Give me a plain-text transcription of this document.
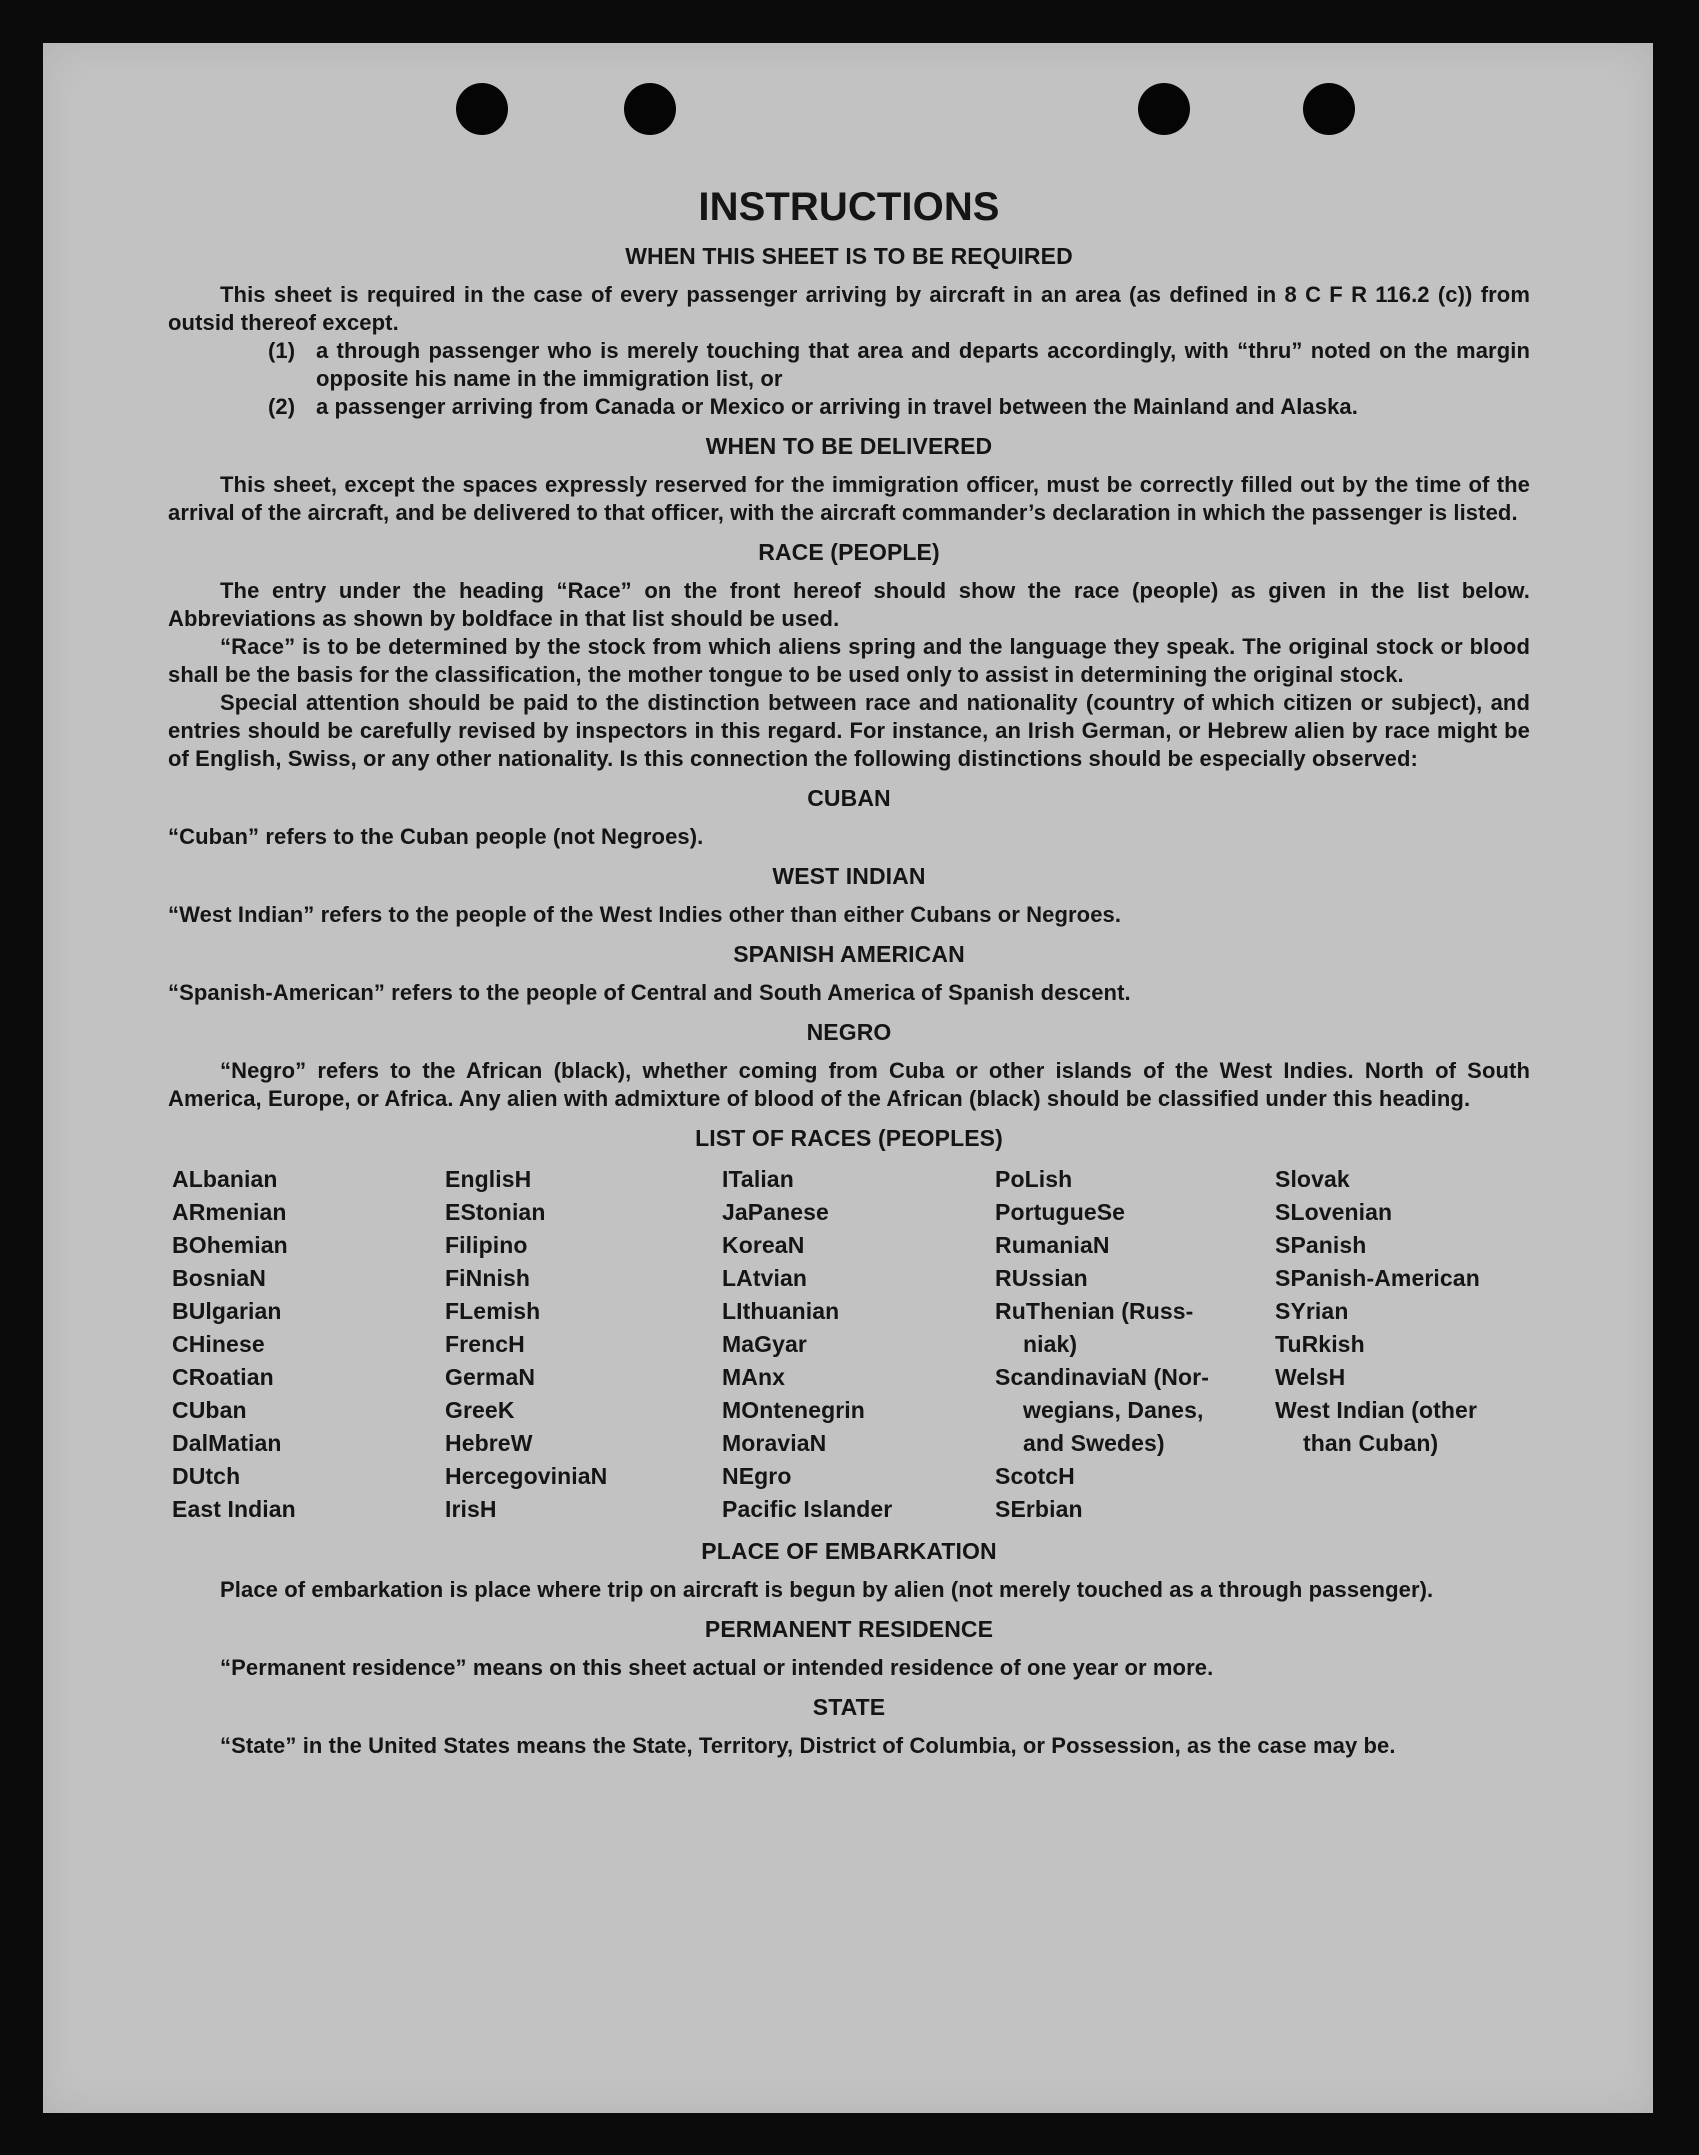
INSTRUCTIONS
WHEN THIS SHEET IS TO BE REQUIRED

This sheet is required in the case of every passenger arriving by aircraft in an area (as defined in 8 C F R 116.2 (c)) from outsid thereof except.

(1) a through passenger who is merely touching that area and departs accordingly, with “thru” noted on the margin opposite his name in the immigration list, or
(2) a passenger arriving from Canada or Mexico or arriving in travel between the Mainland and Alaska.
WHEN TO BE DELIVERED

This sheet, except the spaces expressly reserved for the immigration officer, must be correctly filled out by the time of the arrival of the aircraft, and be delivered to that officer, with the aircraft commander’s declaration in which the passenger is listed.

RACE (PEOPLE)

The entry under the heading “Race” on the front hereof should show the race (people) as given in the list below. Abbreviations as shown by boldface in that list should be used.

“Race” is to be determined by the stock from which aliens spring and the language they speak. The original stock or blood shall be the basis for the classification, the mother tongue to be used only to assist in determining the original stock.

Special attention should be paid to the distinction between race and nationality (country of which citizen or subject), and entries should be carefully revised by inspectors in this regard. For instance, an Irish German, or Hebrew alien by race might be of English, Swiss, or any other nationality. Is this connection the following distinctions should be especially observed:

CUBAN

“Cuban” refers to the Cuban people (not Negroes).

WEST INDIAN

“West Indian” refers to the people of the West Indies other than either Cubans or Negroes.

SPANISH AMERICAN

“Spanish-American” refers to the people of Central and South America of Spanish descent.

NEGRO

“Negro” refers to the African (black), whether coming from Cuba or other islands of the West Indies. North of South America, Europe, or Africa. Any alien with admixture of blood of the African (black) should be classified under this heading.

LIST OF RACES (PEOPLES)
ALbanian
ARmenian
BOhemian
BosniaN
BUlgarian
CHinese
CRoatian
CUban
DalMatian
DUtch
East Indian
EnglisH
EStonian
Filipino
FiNnish
FLemish
FrencH
GermaN
GreeK
HebreW
HercegoviniaN
IrisH
ITalian
JaPanese
KoreaN
LAtvian
LIthuanian
MaGyar
MAnx
MOntenegrin
MoraviaN
NEgro
Pacific Islander
PoLish
PortugueSe
RumaniaN
RUssian
RuThenian (Russ-
niak)
ScandinaviaN (Nor-
wegians, Danes,
and Swedes)
ScotcH
SErbian
Slovak
SLovenian
SPanish
SPanish-American
SYrian
TuRkish
WelsH
West Indian (other
than Cuban)
PLACE OF EMBARKATION

Place of embarkation is place where trip on aircraft is begun by alien (not merely touched as a through passenger).

PERMANENT RESIDENCE

“Permanent residence” means on this sheet actual or intended residence of one year or more.

STATE

“State” in the United States means the State, Territory, District of Columbia, or Possession, as the case may be.
